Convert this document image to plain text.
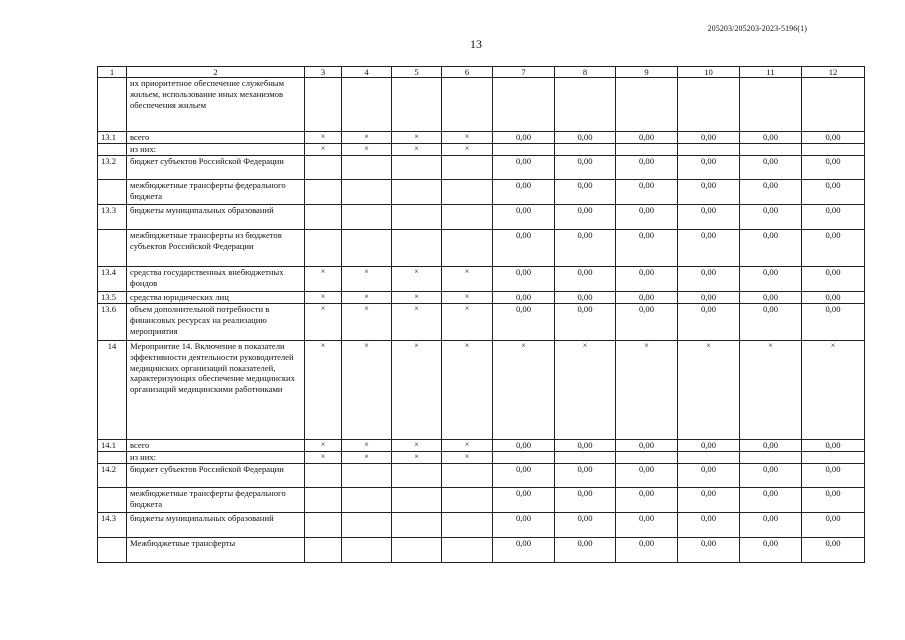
205203/205203-2023-5196(1)
13
1	2	3	4	5	6	7	8	9	10	11	12
	их приоритетное обеспечение служебным жильем, использование иных механизмов обеспечения жильем										
13.1	всего	×	×	×	×	0,00	0,00	0,00	0,00	0,00	0,00
	из них:	×	×	×	×						
13.2	бюджет субъектов Российской Федерации					0,00	0,00	0,00	0,00	0,00	0,00
	межбюджетные трансферты федерального бюджета					0,00	0,00	0,00	0,00	0,00	0,00
13.3	бюджеты муниципальных образований					0,00	0,00	0,00	0,00	0,00	0,00
	межбюджетные трансферты из бюджетов субъектов Российской Федерации					0,00	0,00	0,00	0,00	0,00	0,00
13.4	средства государственных внебюджетных фондов	×	×	×	×	0,00	0,00	0,00	0,00	0,00	0,00
13.5	средства юридических лиц	×	×	×	×	0,00	0,00	0,00	0,00	0,00	0,00
13.6	объем дополнительной потребности в финансовых ресурсах на реализацию мероприятия	×	×	×	×	0,00	0,00	0,00	0,00	0,00	0,00
14	Мероприятие 14. Включение в показатели эффективности деятельности руководителей медицинских организаций показателей, характеризующих обеспечение медицинских организаций медицинскими работниками	×	×	×	×	×	×	×	×	×	×
14.1	всего	×	×	×	×	0,00	0,00	0,00	0,00	0,00	0,00
	из них:	×	×	×	×						
14.2	бюджет субъектов Российской Федерации					0,00	0,00	0,00	0,00	0,00	0,00
	межбюджетные трансферты федерального бюджета					0,00	0,00	0,00	0,00	0,00	0,00
14.3	бюджеты муниципальных образований					0,00	0,00	0,00	0,00	0,00	0,00
	Межбюджетные трансферты					0,00	0,00	0,00	0,00	0,00	0,00
